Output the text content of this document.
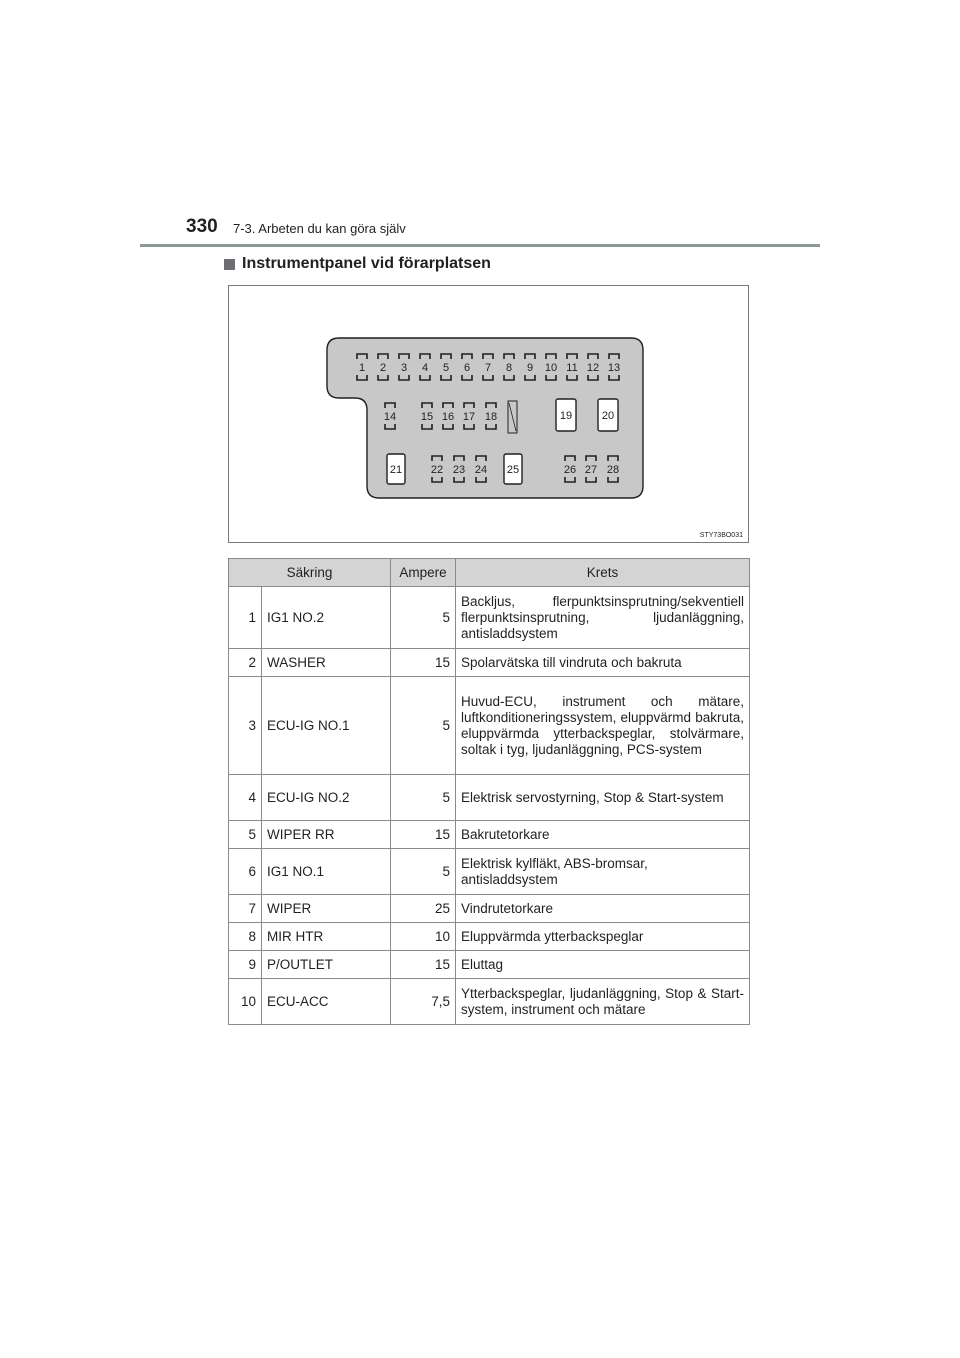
330 7-3. Arbeten du kan göra själv
Instrumentpanel vid förarplatsen
1 2 3 4 5 6 7 8 9 10 11 12 13
14 15 16 17 18	19	20
21	22 23 24 25	26 27 28
STY73BO031
Säkring		Ampere	Krets
1	IG1 NO.2	5	Backljus, flerpunktsinsprutning/sekventiell flerpunktsinsprutning, ljudanläggning, antisladdsystem
2	WASHER	15	Spolarvätska till vindruta och bakruta
3	ECU-IG NO.1	5	Huvud-ECU, instrument och mätare, luftkonditioneringssystem, eluppvärmd bakruta, eluppvärmda ytterbackspeglar, stolvärmare, soltak i tyg, ljudanläggning, PCS-system
4	ECU-IG NO.2	5	Elektrisk servostyrning, Stop & Start-system
5	WIPER RR	15	Bakrutetorkare
6	IG1 NO.1	5	Elektrisk kylfläkt, ABS-bromsar, antisladdsystem
7	WIPER	25	Vindrutetorkare
8	MIR HTR	10	Eluppvärmda ytterbackspeglar
9	P/OUTLET	15	Eluttag
10	ECU-ACC	7,5	Ytterbackspeglar, ljudanläggning, Stop & Start-system, instrument och mätare
